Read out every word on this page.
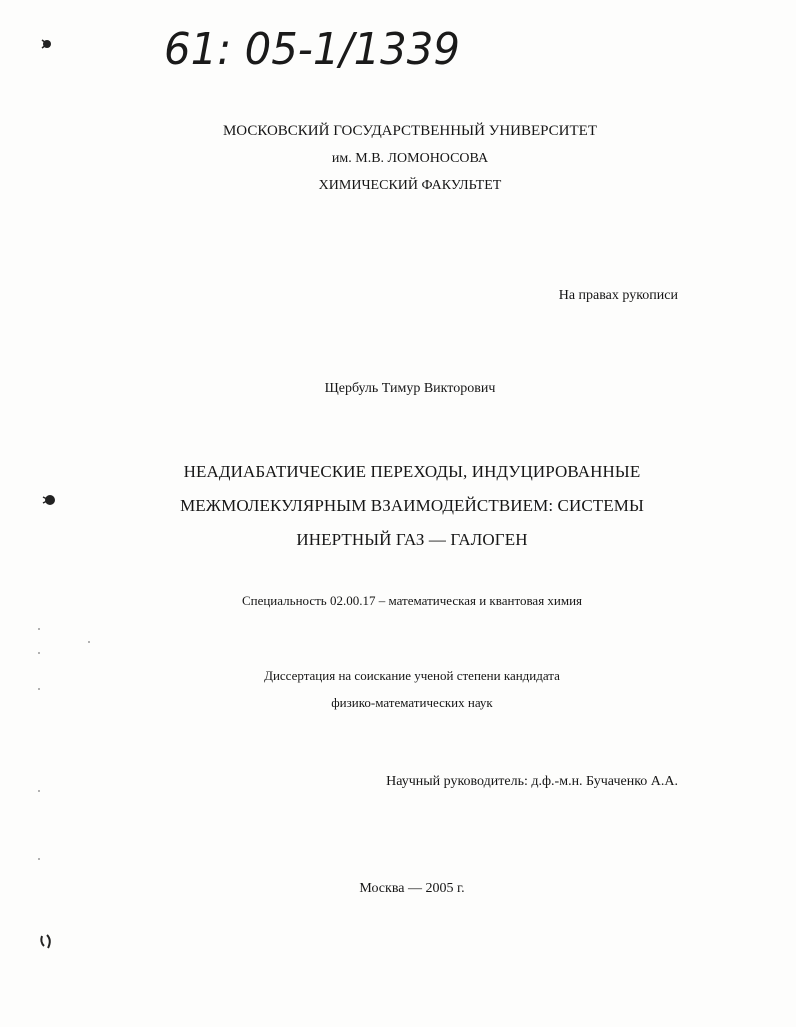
61: 05-1/1339
МОСКОВСКИЙ ГОСУДАРСТВЕННЫЙ УНИВЕРСИТЕТ
им. М.В. ЛОМОНОСОВА
ХИМИЧЕСКИЙ ФАКУЛЬТЕТ
На правах рукописи
Щербуль Тимур Викторович
НЕАДИАБАТИЧЕСКИЕ ПЕРЕХОДЫ, ИНДУЦИРОВАННЫЕ
МЕЖМОЛЕКУЛЯРНЫМ ВЗАИМОДЕЙСТВИЕМ: СИСТЕМЫ
ИНЕРТНЫЙ ГАЗ — ГАЛОГЕН
Специальность 02.00.17 – математическая и квантовая химия
Диссертация на соискание ученой степени кандидата
физико-математических наук
Научный руководитель: д.ф.-м.н. Бучаченко А.А.
Москва — 2005 г.
